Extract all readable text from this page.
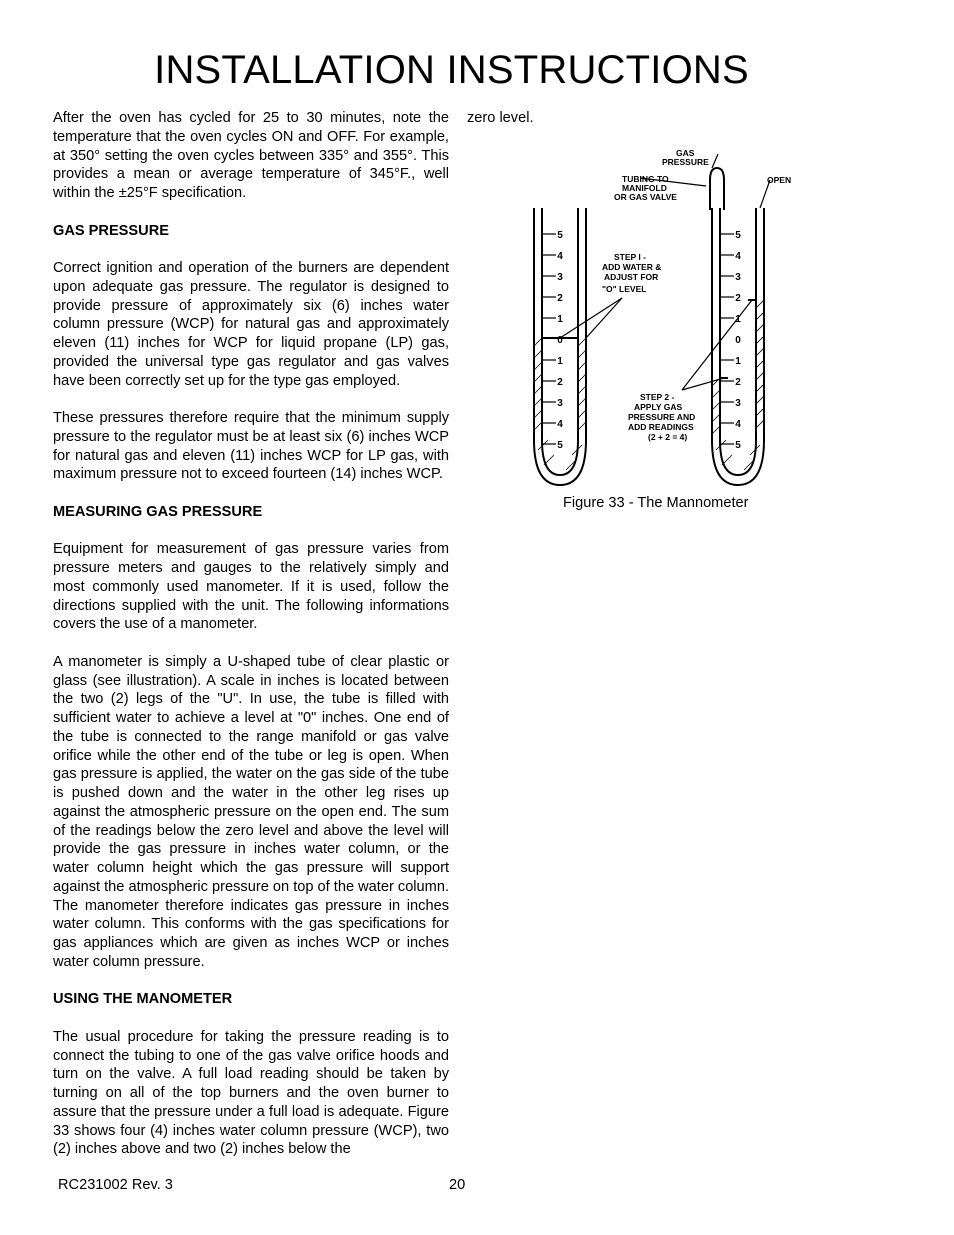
INSTALLATION INSTRUCTIONS

After the oven has cycled for 25 to 30 minutes, note the temperature that the oven cycles ON and OFF. For example, at 350° setting the oven cycles between 335° and 355°. This provides a mean or average temperature of 345°F., well within the ±25°F specification.

GAS PRESSURE

Correct ignition and operation of the burners are dependent upon adequate gas pressure. The regulator is designed to provide pressure of approximately six (6) inches water column pressure (WCP) for natural gas and approximately eleven (11) inches for WCP for liquid propane (LP) gas, provided the universal type gas regulator and gas valves have been correctly set up for the type gas employed.

These pressures therefore require that the minimum supply pressure to the regulator must be at least six (6) inches WCP for natural gas and eleven (11) inches WCP for LP gas, with maximum pressure not to exceed fourteen (14) inches WCP.

MEASURING GAS PRESSURE

Equipment for measurement of gas pressure varies from pressure meters and gauges to the relatively simply and most commonly used manometer. If it is used, follow the directions supplied with the unit. The following informations covers the use of a manometer.

A manometer is simply a U-shaped tube of clear plastic or glass (see illustration). A scale in inches is located between the two (2) legs of the "U". In use, the tube is filled with sufficient water to achieve a level at "0" inches. One end of the tube is connected to the range manifold or gas valve orifice while the other end of the tube or leg is open. When gas pressure is applied, the water on the gas side of the tube is pushed down and the water in the other leg rises up against the atmospheric pressure on the open end. The sum of the readings below the zero level and above the level will provide the gas pressure in inches water column, or the water column height which the gas pressure will support against the atmospheric pressure on top of the water column. The manometer therefore indicates gas pressure in inches water column. This conforms with the gas specifications for gas appliances which are given as inches WCP or inches water column pressure.

USING THE MANOMETER

The usual procedure for taking the pressure reading is to connect the tubing to one of the gas valve orifice hoods and turn on the valve. A full load reading should be taken by turning on all of the top burners and the oven burner to assure that the pressure under a full load is adequate. Figure 33 shows four (4) inches water column pressure (WCP), two (2) inches above and two (2) inches below the

zero level.

5
4
3
2
1
0
1
2
3
4
5
5
4
3
2
1
0
1
2
3
4
5
GAS
PRESSURE
TUBING TO
MANIFOLD
OR GAS VALVE
OPEN
STEP I -
ADD WATER &
ADJUST FOR
"O" LEVEL
STEP 2 -
APPLY GAS
PRESSURE AND
ADD READINGS
(2 + 2 = 4)
Figure 33 - The Mannometer
RC231002 Rev. 3	20
